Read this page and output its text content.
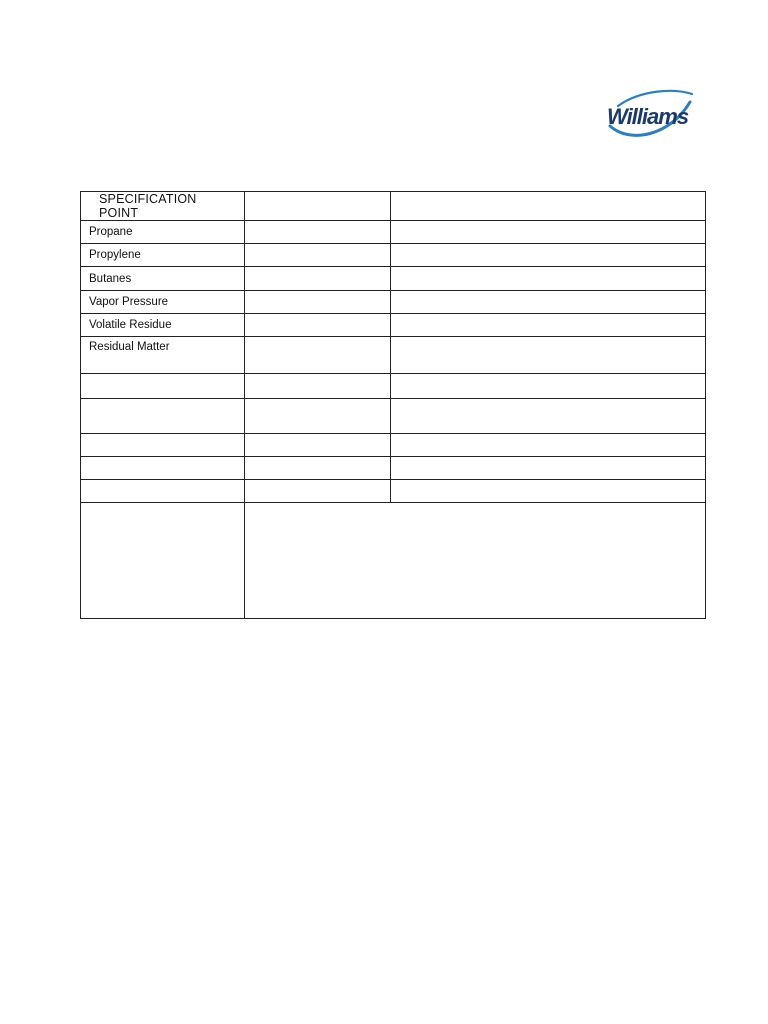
Williams
SPECIFICATION POINT		
Propane		
Propylene		
Butanes		
Vapor Pressure		
Volatile Residue		
Residual Matter		
